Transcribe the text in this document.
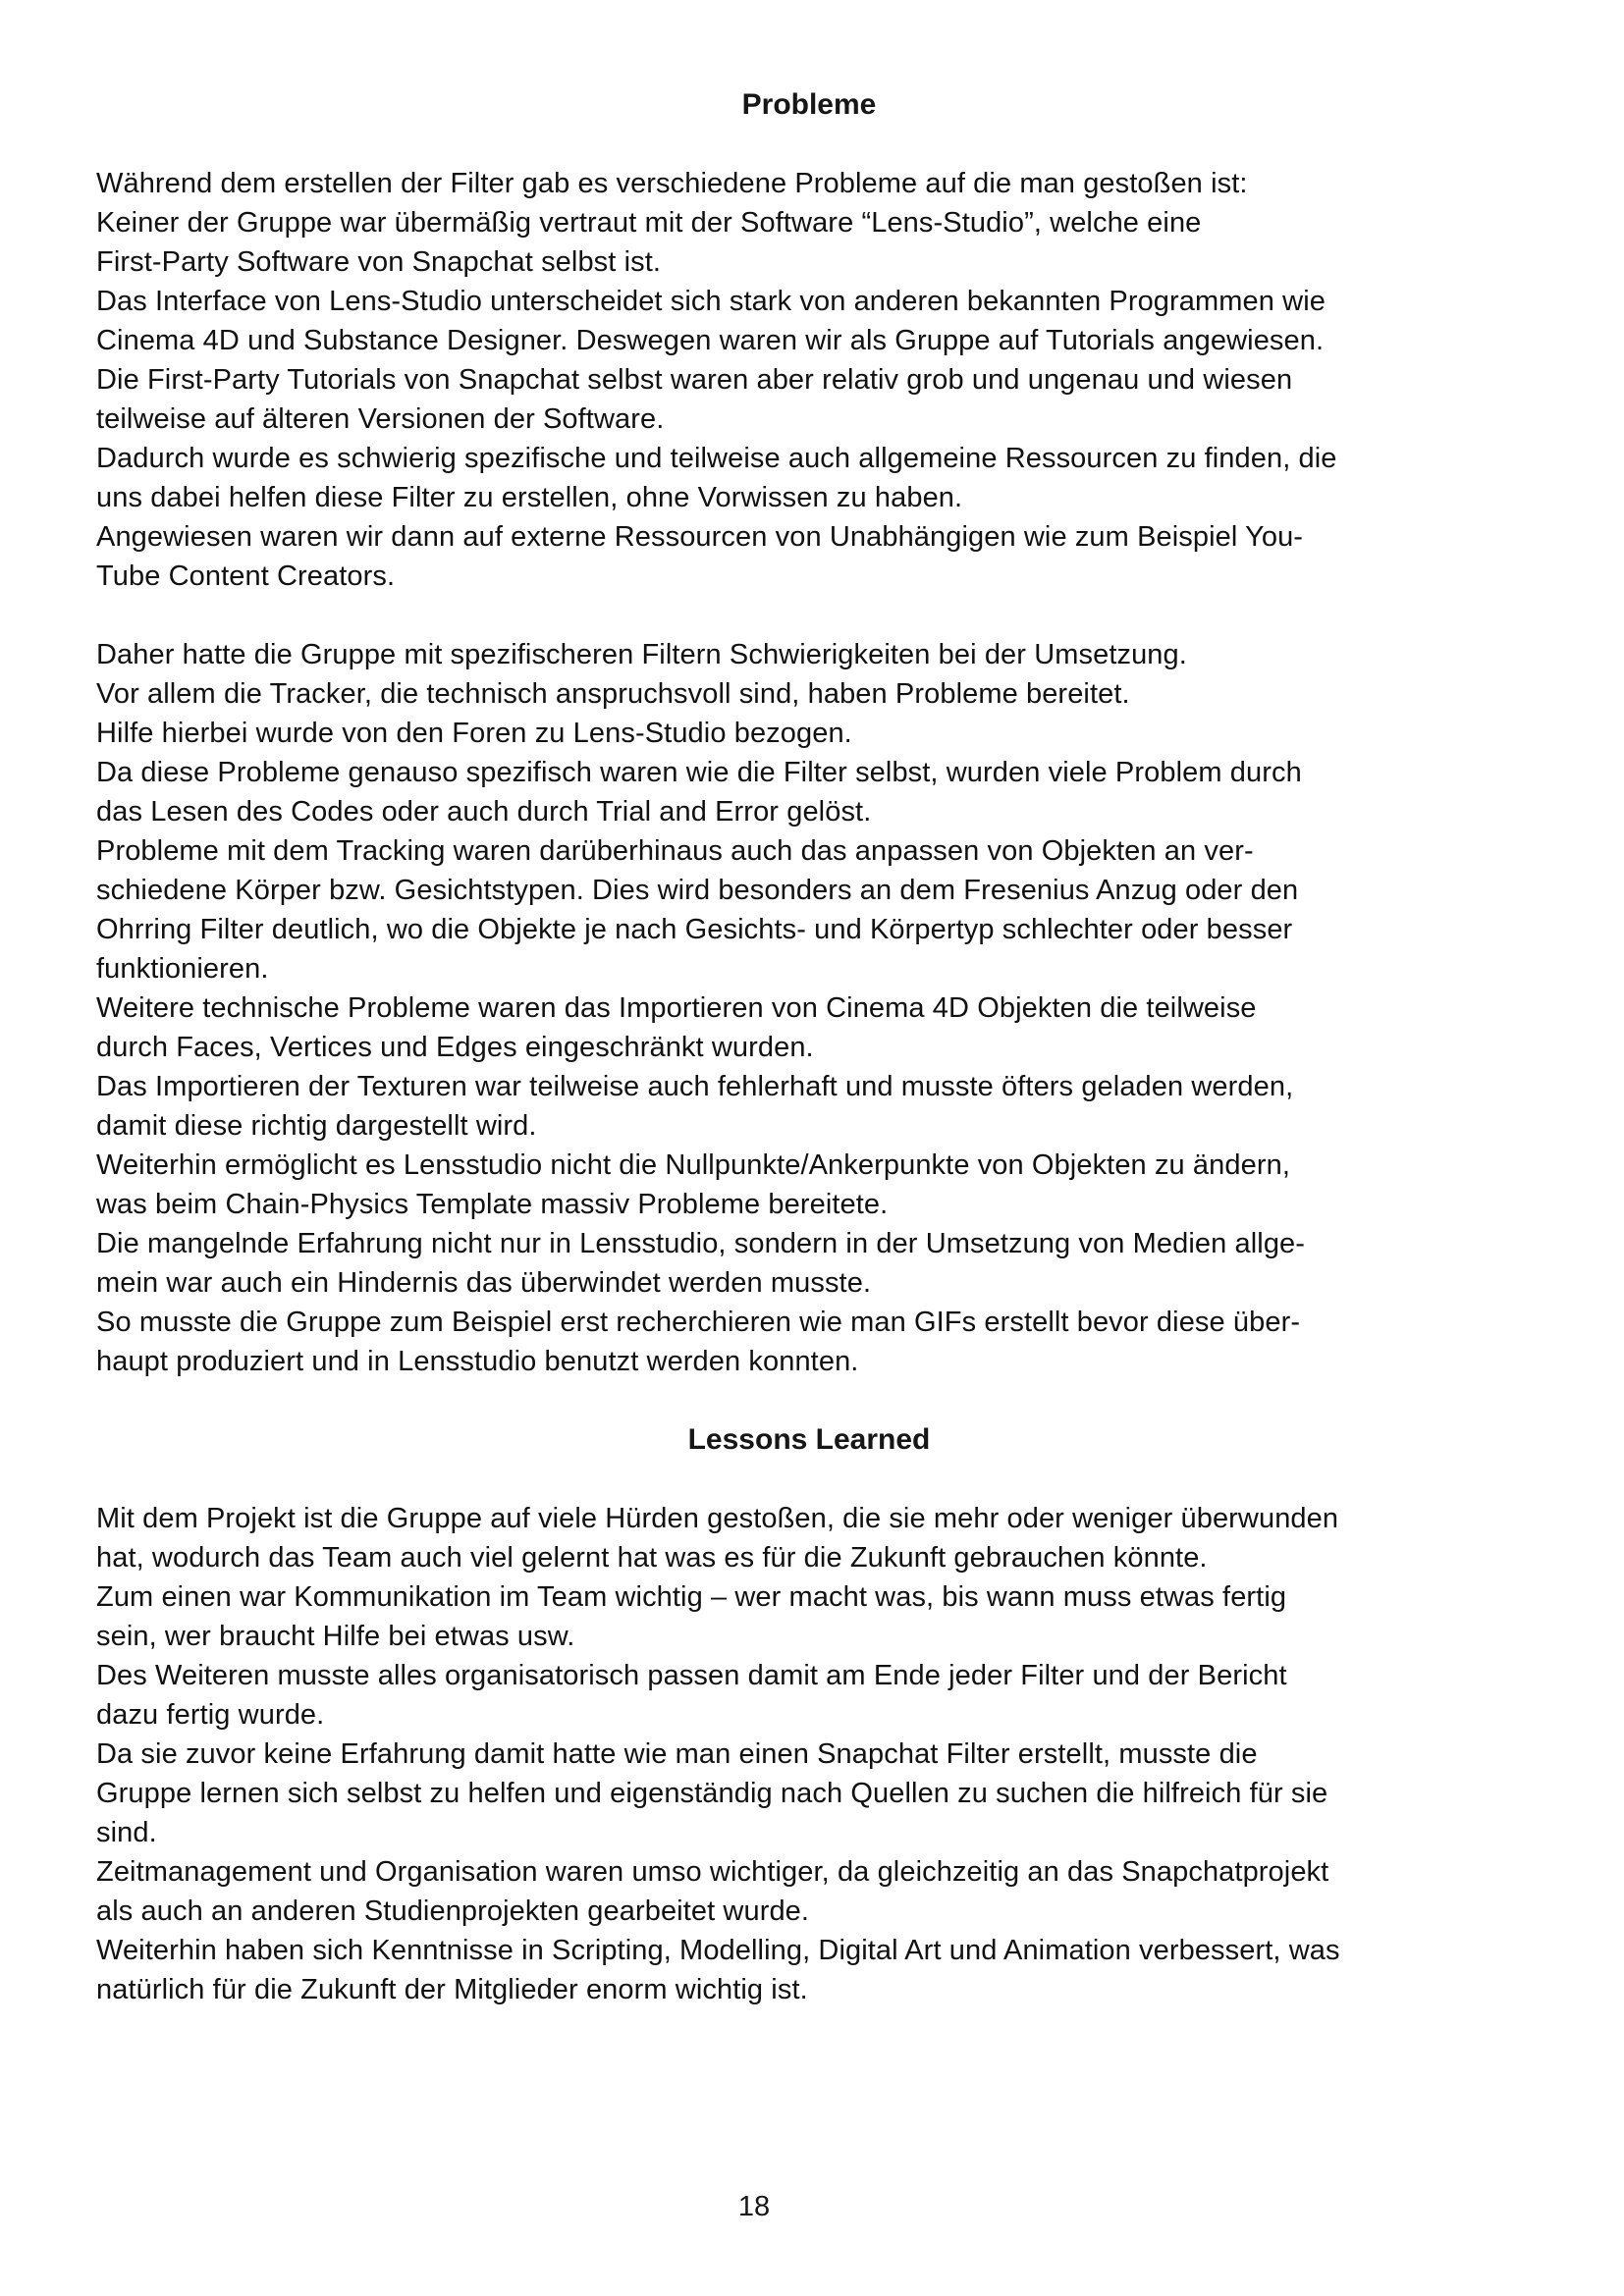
Probleme

Während dem erstellen der Filter gab es verschiedene Probleme auf die man gestoßen ist:
Keiner der Gruppe war übermäßig vertraut mit der Software “Lens-Studio”, welche eine
First-Party Software von Snapchat selbst ist.
Das Interface von Lens-Studio unterscheidet sich stark von anderen bekannten Programmen wie
Cinema 4D und Substance Designer. Deswegen waren wir als Gruppe auf Tutorials angewiesen.
Die First-Party Tutorials von Snapchat selbst waren aber relativ grob und ungenau und wiesen
teilweise auf älteren Versionen der Software.
Dadurch wurde es schwierig spezifische und teilweise auch allgemeine Ressourcen zu finden, die
uns dabei helfen diese Filter zu erstellen, ohne Vorwissen zu haben.
Angewiesen waren wir dann auf externe Ressourcen von Unabhängigen wie zum Beispiel You-
Tube Content Creators.

Daher hatte die Gruppe mit spezifischeren Filtern Schwierigkeiten bei der Umsetzung.
Vor allem die Tracker, die technisch anspruchsvoll sind, haben Probleme bereitet.
Hilfe hierbei wurde von den Foren zu Lens-Studio bezogen.
Da diese Probleme genauso spezifisch waren wie die Filter selbst, wurden viele Problem durch
das Lesen des Codes oder auch durch Trial and Error gelöst.
Probleme mit dem Tracking waren darüberhinaus auch das anpassen von Objekten an ver-
schiedene Körper bzw. Gesichtstypen. Dies wird besonders an dem Fresenius Anzug oder den
Ohrring Filter deutlich, wo die Objekte je nach Gesichts- und Körpertyp schlechter oder besser
funktionieren.
Weitere technische Probleme waren das Importieren von Cinema 4D Objekten die teilweise
durch Faces, Vertices und Edges eingeschränkt wurden.
Das Importieren der Texturen war teilweise auch fehlerhaft und musste öfters geladen werden,
damit diese richtig dargestellt wird.
Weiterhin ermöglicht es Lensstudio nicht die Nullpunkte/Ankerpunkte von Objekten zu ändern,
was beim Chain-Physics Template massiv Probleme bereitete.
Die mangelnde Erfahrung nicht nur in Lensstudio, sondern in der Umsetzung von Medien allge-
mein war auch ein Hindernis das überwindet werden musste.
So musste die Gruppe zum Beispiel erst recherchieren wie man GIFs erstellt bevor diese über-
haupt produziert und in Lensstudio benutzt werden konnten.

Lessons Learned

Mit dem Projekt ist die Gruppe auf viele Hürden gestoßen, die sie mehr oder weniger überwunden
hat, wodurch das Team auch viel gelernt hat was es für die Zukunft gebrauchen könnte.
Zum einen war Kommunikation im Team wichtig – wer macht was, bis wann muss etwas fertig
sein, wer braucht Hilfe bei etwas usw.
Des Weiteren musste alles organisatorisch passen damit am Ende jeder Filter und der Bericht
dazu fertig wurde.
Da sie zuvor keine Erfahrung damit hatte wie man einen Snapchat Filter erstellt, musste die
Gruppe lernen sich selbst zu helfen und eigenständig nach Quellen zu suchen die hilfreich für sie
sind.
Zeitmanagement und Organisation waren umso wichtiger, da gleichzeitig an das Snapchatprojekt
als auch an anderen Studienprojekten gearbeitet wurde.
Weiterhin haben sich Kenntnisse in Scripting, Modelling, Digital Art und Animation verbessert, was
natürlich für die Zukunft der Mitglieder enorm wichtig ist.

18
